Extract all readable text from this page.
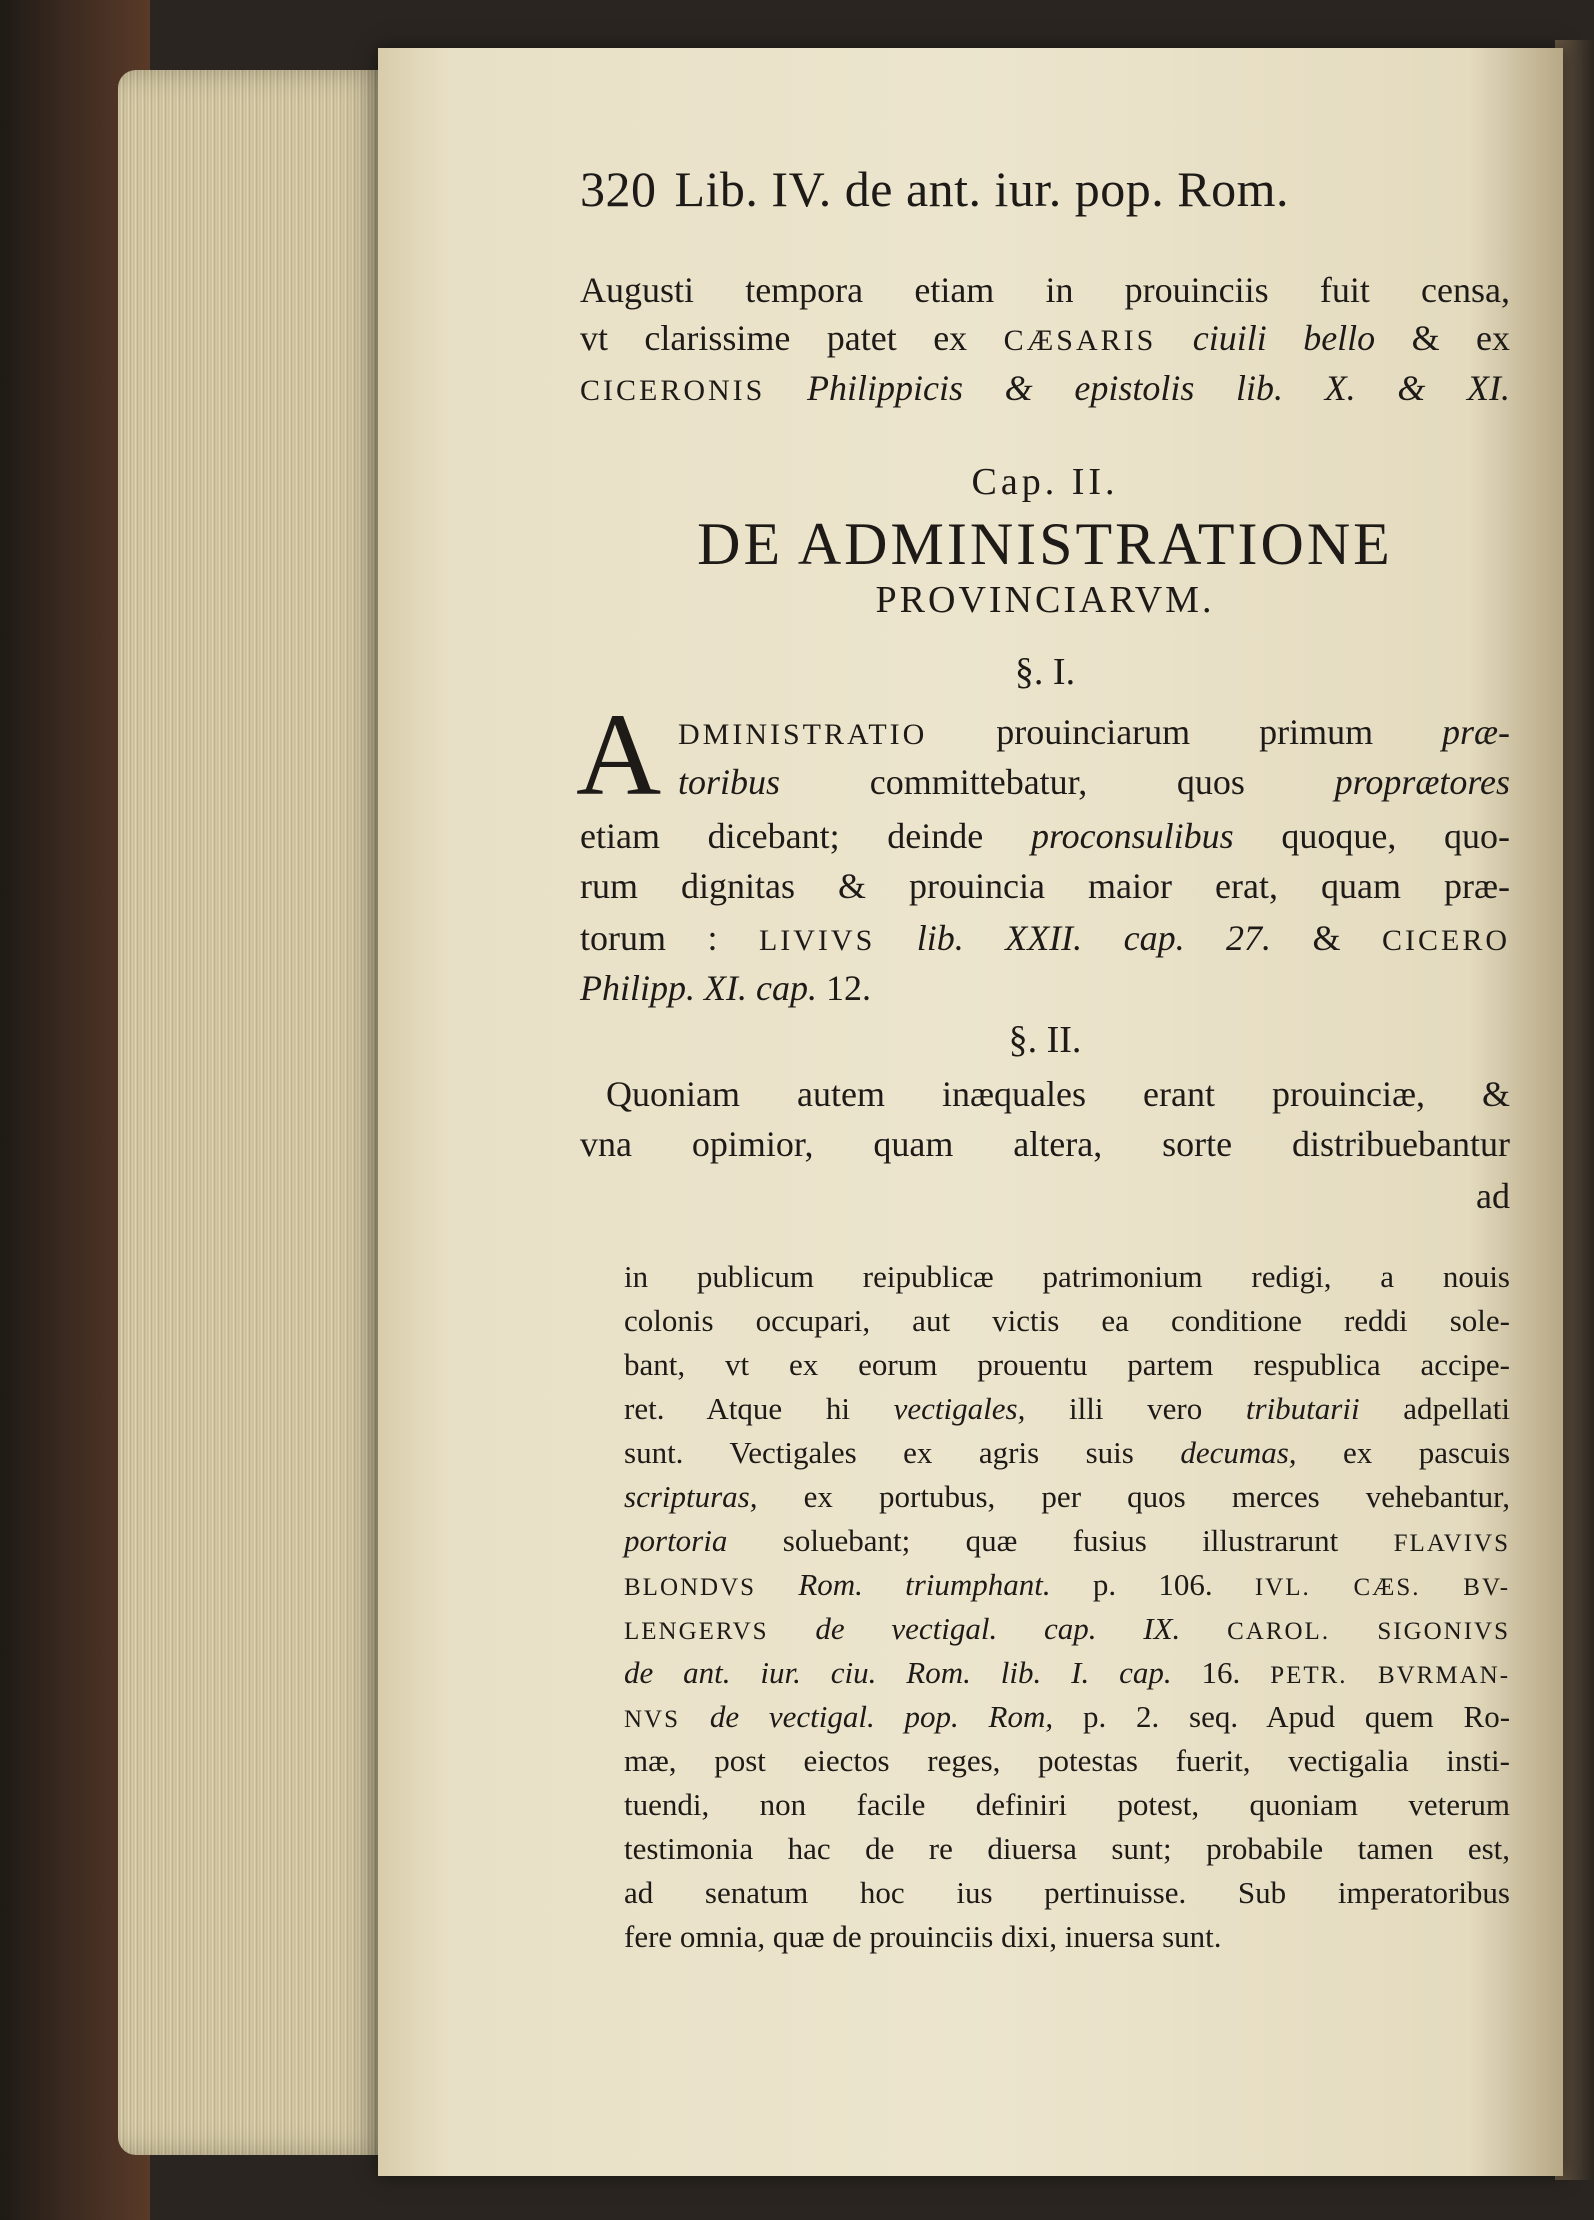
320 Lib. IV. de ant. iur. pop. Rom.
Augusti tempora etiam in prouinciis fuit censa,
vt clarissime patet ex CÆSARIS ciuili bello & ex
CICERONIS Philippicis & epistolis lib. X. & XI.
Cap. II.
DE ADMINISTRATIONE
PROVINCIARVM.
§. I.
A DMINISTRATIO prouinciarum primum præ-
toribus committebatur, quos proprætores
etiam dicebant; deinde proconsulibus quoque, quo-
rum dignitas & prouincia maior erat, quam præ-
torum : LIVIVS lib. XXII. cap. 27. & CICERO
Philipp. XI. cap. 12.
§. II.
Quoniam autem inæquales erant prouinciæ, &
vna opimior, quam altera, sorte distribuebantur
ad
in publicum reipublicæ patrimonium redigi, a nouis
colonis occupari, aut victis ea conditione reddi sole-
bant, vt ex eorum prouentu partem respublica accipe-
ret. Atque hi vectigales, illi vero tributarii adpellati
sunt. Vectigales ex agris suis decumas, ex pascuis
scripturas, ex portubus, per quos merces vehebantur,
portoria soluebant; quæ fusius illustrarunt FLAVIVS
BLONDVS Rom. triumphant. p. 106. IVL. CÆS. BV-
LENGERVS de vectigal. cap. IX. CAROL. SIGONIVS
de ant. iur. ciu. Rom. lib. I. cap. 16. PETR. BVRMAN-
NVS de vectigal. pop. Rom, p. 2. seq. Apud quem Ro-
mæ, post eiectos reges, potestas fuerit, vectigalia insti-
tuendi, non facile definiri potest, quoniam veterum
testimonia hac de re diuersa sunt; probabile tamen est,
ad senatum hoc ius pertinuisse. Sub imperatoribus
fere omnia, quæ de prouinciis dixi, inuersa sunt.
